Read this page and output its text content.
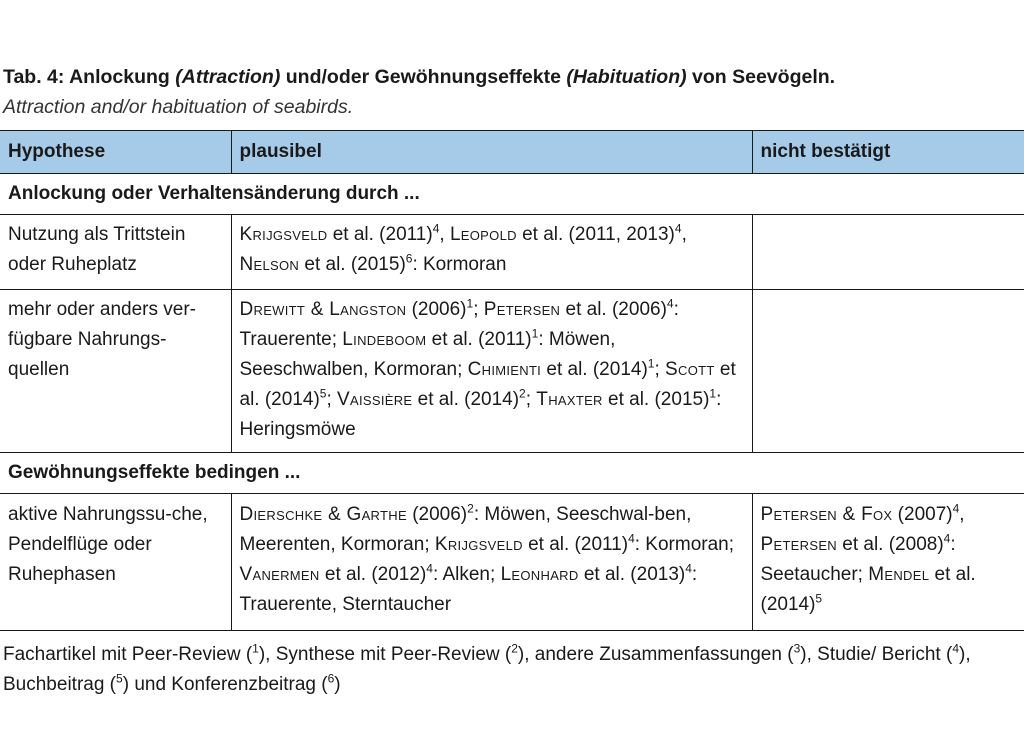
Tab. 4: Anlockung (Attraction) und/oder Gewöhnungseffekte (Habituation) von Seevögeln.
Attraction and/or habituation of seabirds.
Hypothese	plausibel	nicht bestätigt
Anlockung oder Verhaltensänderung durch ...		
Nutzung als Trittstein oder Ruheplatz	Krijgsveld et al. $(2011)^4$, Leopold et al. (2011, 2013)$^4$, Nelson et al. $(2015)^6$: Kormoran	
mehr oder anders ver-fügbare Nahrungs-quellen	Drewitt & Langston $(2006)^1$; Petersen et al. $(2006)^4$: Trauerente; Lindeboom et al. $(2011)^1$: Möwen, Seeschwalben, Kormoran; Chimienti et al. $(2014)^1$; Scott et al. $(2014)^5$; Vaissière et al. $(2014)^2$; Thaxter et al. $(2015)^1$: Heringsmöwe	
Gewöhnungseffekte bedingen ...		
aktive Nahrungssu-che, Pendelflüge oder Ruhephasen	Dierschke & Garthe $(2006)^2$: Möwen, Seeschwal-ben, Meerenten, Kormoran; Krijgsveld et al. $(2011)^4$: Kormoran; Vanermen et al. $(2012)^4$: Alken; Leonhard et al. $(2013)^4$: Trauerente, Sterntaucher	Petersen & Fox $(2007)^4$, Petersen et al. $(2008)^4$: Seetaucher; Mendel et al. $(2014)^5$
Fachartikel mit Peer-Review ($^1$), Synthese mit Peer-Review ($^2$), andere Zusammenfassungen ($^3$), Studie/ Bericht ($^4$), Buchbeitrag ($^5$) und Konferenzbeitrag ($^6$)
